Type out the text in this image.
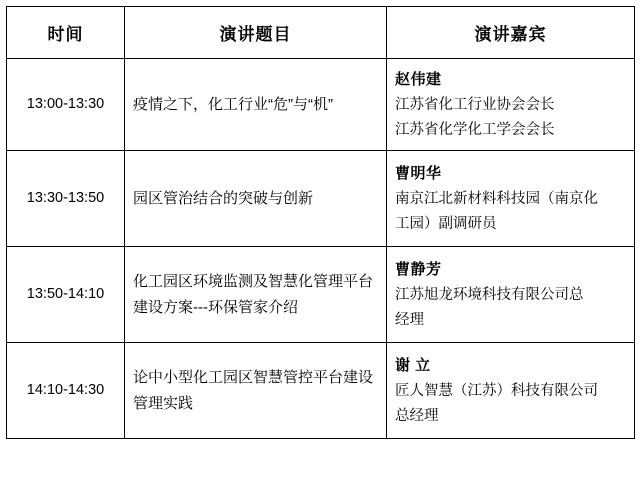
时间	演讲题目	演讲嘉宾
13:00-13:30	疫情之下，化工行业“危”与“机”	赵伟建
江苏省化工行业协会会长
江苏省化学化工学会会长

13:30-13:50	园区管治结合的突破与创新	曹明华
南京江北新材料科技园（南京化
工园）副调研员

13:50-14:10	化工园区环境监测及智慧化管理平台建设方案---环保管家介绍	曹静芳
江苏旭龙环境科技有限公司总
经理

14:10-14:30	论中小型化工园区智慧管控平台建设管理实践	谢 立
匠人智慧（江苏）科技有限公司
总经理
